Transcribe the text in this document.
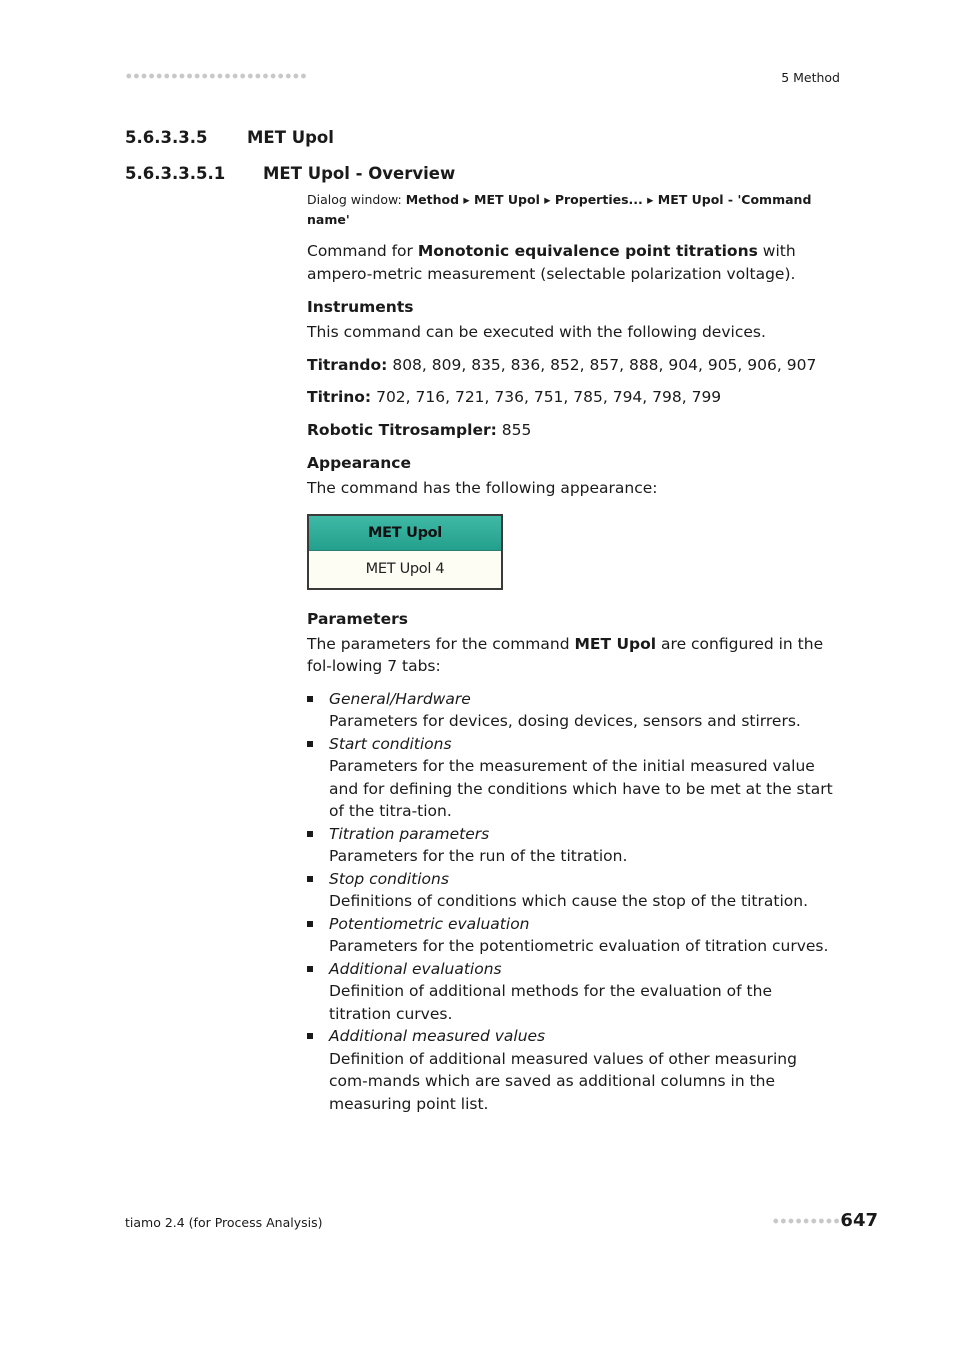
5 Method
5.6.3.3.5 MET Upol
5.6.3.3.5.1 MET Upol - Overview
Dialog window: Method ▸ MET Upol ▸ Properties... ▸ MET Upol - 'Command name'

Command for Monotonic equivalence point titrations with ampero-metric measurement (selectable polarization voltage).

Instruments

This command can be executed with the following devices.

Titrando: 808, 809, 835, 836, 852, 857, 888, 904, 905, 906, 907

Titrino: 702, 716, 721, 736, 751, 785, 794, 798, 799

Robotic Titrosampler: 855

Appearance

The command has the following appearance:

MET Upol
MET Upol 4
Parameters

The parameters for the command MET Upol are configured in the fol-lowing 7 tabs:

General/Hardware
Parameters for devices, dosing devices, sensors and stirrers.
Start conditions
Parameters for the measurement of the initial measured value and for defining the conditions which have to be met at the start of the titra-tion.
Titration parameters
Parameters for the run of the titration.
Stop conditions
Definitions of conditions which cause the stop of the titration.
Potentiometric evaluation
Parameters for the potentiometric evaluation of titration curves.
Additional evaluations
Definition of additional methods for the evaluation of the titration curves.
Additional measured values
Definition of additional measured values of other measuring com-mands which are saved as additional columns in the measuring point list.
tiamo 2.4 (for Process Analysis)	647
